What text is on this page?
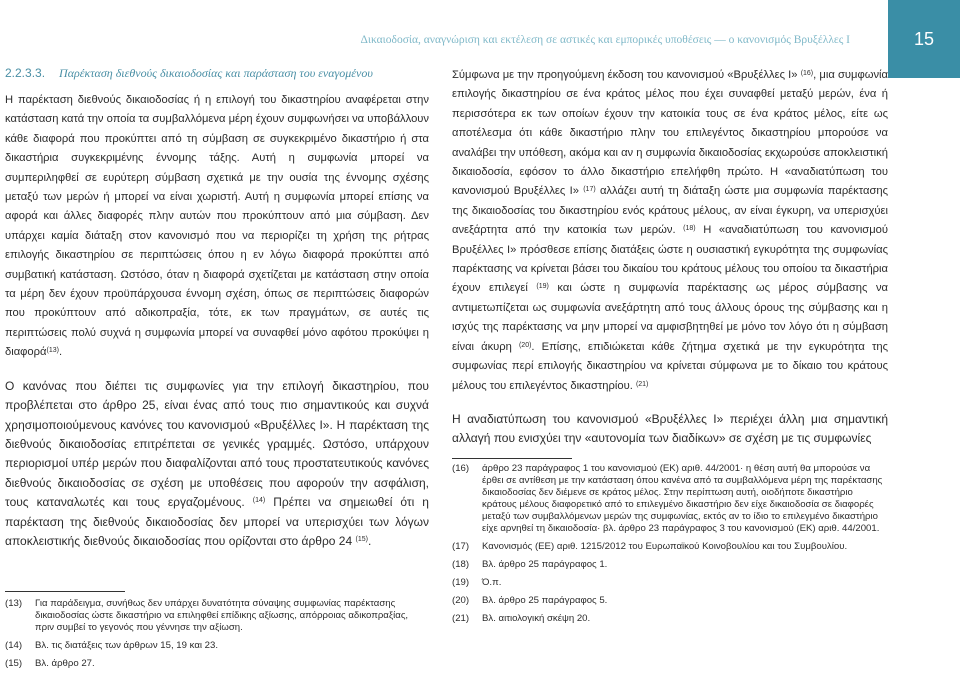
Δικαιοδοσία, αναγνώριση και εκτέλεση σε αστικές και εμπορικές υποθέσεις — ο κανονισμός Βρυξέλλες Ι	15
2.2.3.3. Παρέκταση διεθνούς δικαιοδοσίας και παράσταση του εναγομένου

Η παρέκταση διεθνούς δικαιοδοσίας ή η επιλογή του δικαστηρίου αναφέρεται στην κατάσταση κατά την οποία τα συμβαλλόμενα μέρη έχουν συμφωνήσει να υποβάλλουν κάθε διαφορά που προκύπτει από τη σύμβαση σε συγκεκριμένο δικαστήριο ή στα δικαστήρια συγκεκριμένης έννομης τάξης. Αυτή η συμφωνία μπορεί να συμπεριληφθεί σε ευρύτερη σύμβαση σχετικά με την ουσία της έννομης σχέσης μεταξύ των μερών ή μπορεί να είναι χωριστή. Αυτή η συμφωνία μπορεί επίσης να αφορά και άλλες διαφορές πλην αυτών που προκύπτουν από μια σύμβαση. Δεν υπάρχει καμία διάταξη στον κανονισμό που να περιορίζει τη χρήση της ρήτρας επιλογής δικαστηρίου σε περιπτώσεις όπου η εν λόγω διαφορά προκύπτει από συμβατική κατάσταση. Ωστόσο, όταν η διαφορά σχετίζεται με κατάσταση στην οποία τα μέρη δεν έχουν προϋπάρχουσα έννομη σχέση, όπως σε περιπτώσεις διαφορών που προκύπτουν από αδικοπραξία, τότε, εκ των πραγμάτων, σε αυτές τις περιπτώσεις πολύ συχνά η συμφωνία μπορεί να συναφθεί μόνο αφότου προκύψει η διαφορά$^{(13)}$.

Ο κανόνας που διέπει τις συμφωνίες για την επιλογή δικαστηρίου, που προβλέπεται στο άρθρο 25, είναι ένας από τους πιο σημαντικούς και συχνά χρησιμοποιούμενους κανόνες του κανονισμού «Βρυξέλλες Ι». Η παρέκταση της διεθνούς δικαιοδοσίας επιτρέπεται σε γενικές γραμμές. Ωστόσο, υπάρχουν περιορισμοί υπέρ μερών που διαφαλίζονται από τους προστατευτικούς κανόνες διεθνούς δικαιοδοσίας σε σχέση με υποθέσεις που αφορούν την ασφάλιση, τους καταναλωτές και τους εργαζομένους. $^{(14)}$ Πρέπει να σημειωθεί ότι η παρέκταση της διεθνούς δικαιοδοσίας δεν μπορεί να υπερισχύει των λόγων αποκλειστικής διεθνούς δικαιοδοσίας που ορίζονται στο άρθρο 24 $^{(15)}$.

(13)	Για παράδειγμα, συνήθως δεν υπάρχει δυνατότητα σύναψης συμφωνίας παρέκτασης δικαιοδοσίας ώστε δικαστήριο να επιληφθεί επίδικης αξίωσης, απόρροιας αδικοπραξίας, πριν συμβεί το γεγονός που γέννησε την αξίωση.
(14)	Βλ. τις διατάξεις των άρθρων 15, 19 και 23.
(15)	Βλ. άρθρο 27.

Σύμφωνα με την προηγούμενη έκδοση του κανονισμού «Βρυξέλλες Ι» $^{(16)}$, μια συμφωνία επιλογής δικαστηρίου σε ένα κράτος μέλος που έχει συναφθεί μεταξύ μερών, ένα ή περισσότερα εκ των οποίων έχουν την κατοικία τους σε ένα κράτος μέλος, είτε ως αποτέλεσμα ότι κάθε δικαστήριο πλην του επιλεγέντος δικαστηρίου μπορούσε να αναλάβει την υπόθεση, ακόμα και αν η συμφωνία δικαιοδοσίας εκχωρούσε αποκλειστική δικαιοδοσία, εφόσον το άλλο δικαστήριο επελήφθη πρώτο. Η «αναδιατύπωση του κανονισμού Βρυξέλλες Ι» $^{(17)}$ αλλάζει αυτή τη διάταξη ώστε μια συμφωνία παρέκτασης της δικαιοδοσίας του δικαστηρίου ενός κράτους μέλους, αν είναι έγκυρη, να υπερισχύει ανεξάρτητα από την κατοικία των μερών. $^{(18)}$ Η «αναδιατύπωση του κανονισμού Βρυξέλλες Ι» πρόσθεσε επίσης διατάξεις ώστε η ουσιαστική εγκυρότητα της συμφωνίας παρέκτασης να κρίνεται βάσει του δικαίου του κράτους μέλους του οποίου τα δικαστήρια έχουν επιλεγεί $^{(19)}$ και ώστε η συμφωνία παρέκτασης ως μέρος σύμβασης να αντιμετωπίζεται ως συμφωνία ανεξάρτητη από τους άλλους όρους της σύμβασης και η ισχύς της παρέκτασης να μην μπορεί να αμφισβητηθεί με μόνο τον λόγο ότι η σύμβαση είναι άκυρη $^{(20)}$. Επίσης, επιδιώκεται κάθε ζήτημα σχετικά με την εγκυρότητα της συμφωνίας περί επιλογής δικαστηρίου να κρίνεται σύμφωνα με το δίκαιο του κράτους μέλους του επιλεγέντος δικαστηρίου. $^{(21)}$

Η αναδιατύπωση του κανονισμού «Βρυξέλλες Ι» περιέχει άλλη μια σημαντική αλλαγή που ενισχύει την «αυτονομία των διαδίκων» σε σχέση με τις συμφωνίες

(16)	άρθρο 23 παράγραφος 1 του κανονισμού (ΕΚ) αριθ. 44/2001· η θέση αυτή θα μπορούσε να έρθει σε αντίθεση με την κατάσταση όπου κανένα από τα συμβαλλόμενα μέρη της παρέκτασης δικαιοδοσίας δεν διέμενε σε κράτος μέλος. Στην περίπτωση αυτή, οιοδήποτε δικαστήριο κράτους μέλους διαφορετικό από το επιλεγμένο δικαστήριο δεν είχε δικαιοδοσία σε διαφορές μεταξύ των συμβαλλόμενων μερών της συμφωνίας, εκτός αν το ίδιο το επιλεγμένο δικαστήριο είχε αρνηθεί τη δικαιοδοσία· βλ. άρθρο 23 παράγραφος 3 του κανονισμού (ΕΚ) αριθ. 44/2001.
(17)	Κανονισμός (ΕΕ) αριθ. 1215/2012 του Ευρωπαϊκού Κοινοβουλίου και του Συμβουλίου.
(18)	Βλ. άρθρο 25 παράγραφος 1.
(19)	Ό.π.
(20)	Βλ. άρθρο 25 παράγραφος 5.
(21)	Βλ. αιτιολογική σκέψη 20.
